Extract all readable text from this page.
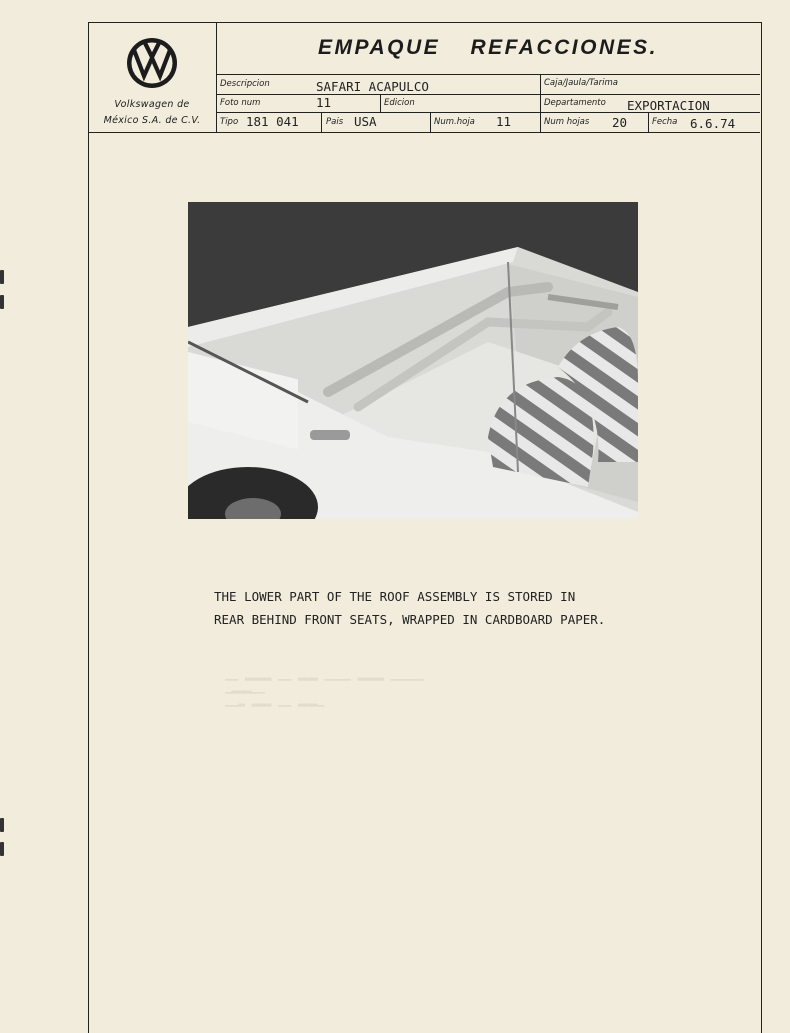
▁▁ ▂▂▂▂ ▁▁ ▂▂▂ ▁▁▁▁ ▂▂▂▂ ▁▁▁▁▁
▁▂▂▂▁▁
▁▁▂ ▂▂▂ ▁▁ ▂▂▂▁
Volkswagen de
México S.A. de C.V.
EMPAQUE REFACCIONES.
Descripcion	SAFARI ACAPULCO	Caja/Jaula/Tarima
Foto num	11	Edicion	Departamento EXPORTACION
Tipo 181 041	Pais USA	Num.hoja 11	Num hojas 20	Fecha 6.6.74
THE LOWER PART OF THE ROOF ASSEMBLY IS STORED IN
REAR BEHIND FRONT SEATS, WRAPPED IN CARDBOARD PAPER.
